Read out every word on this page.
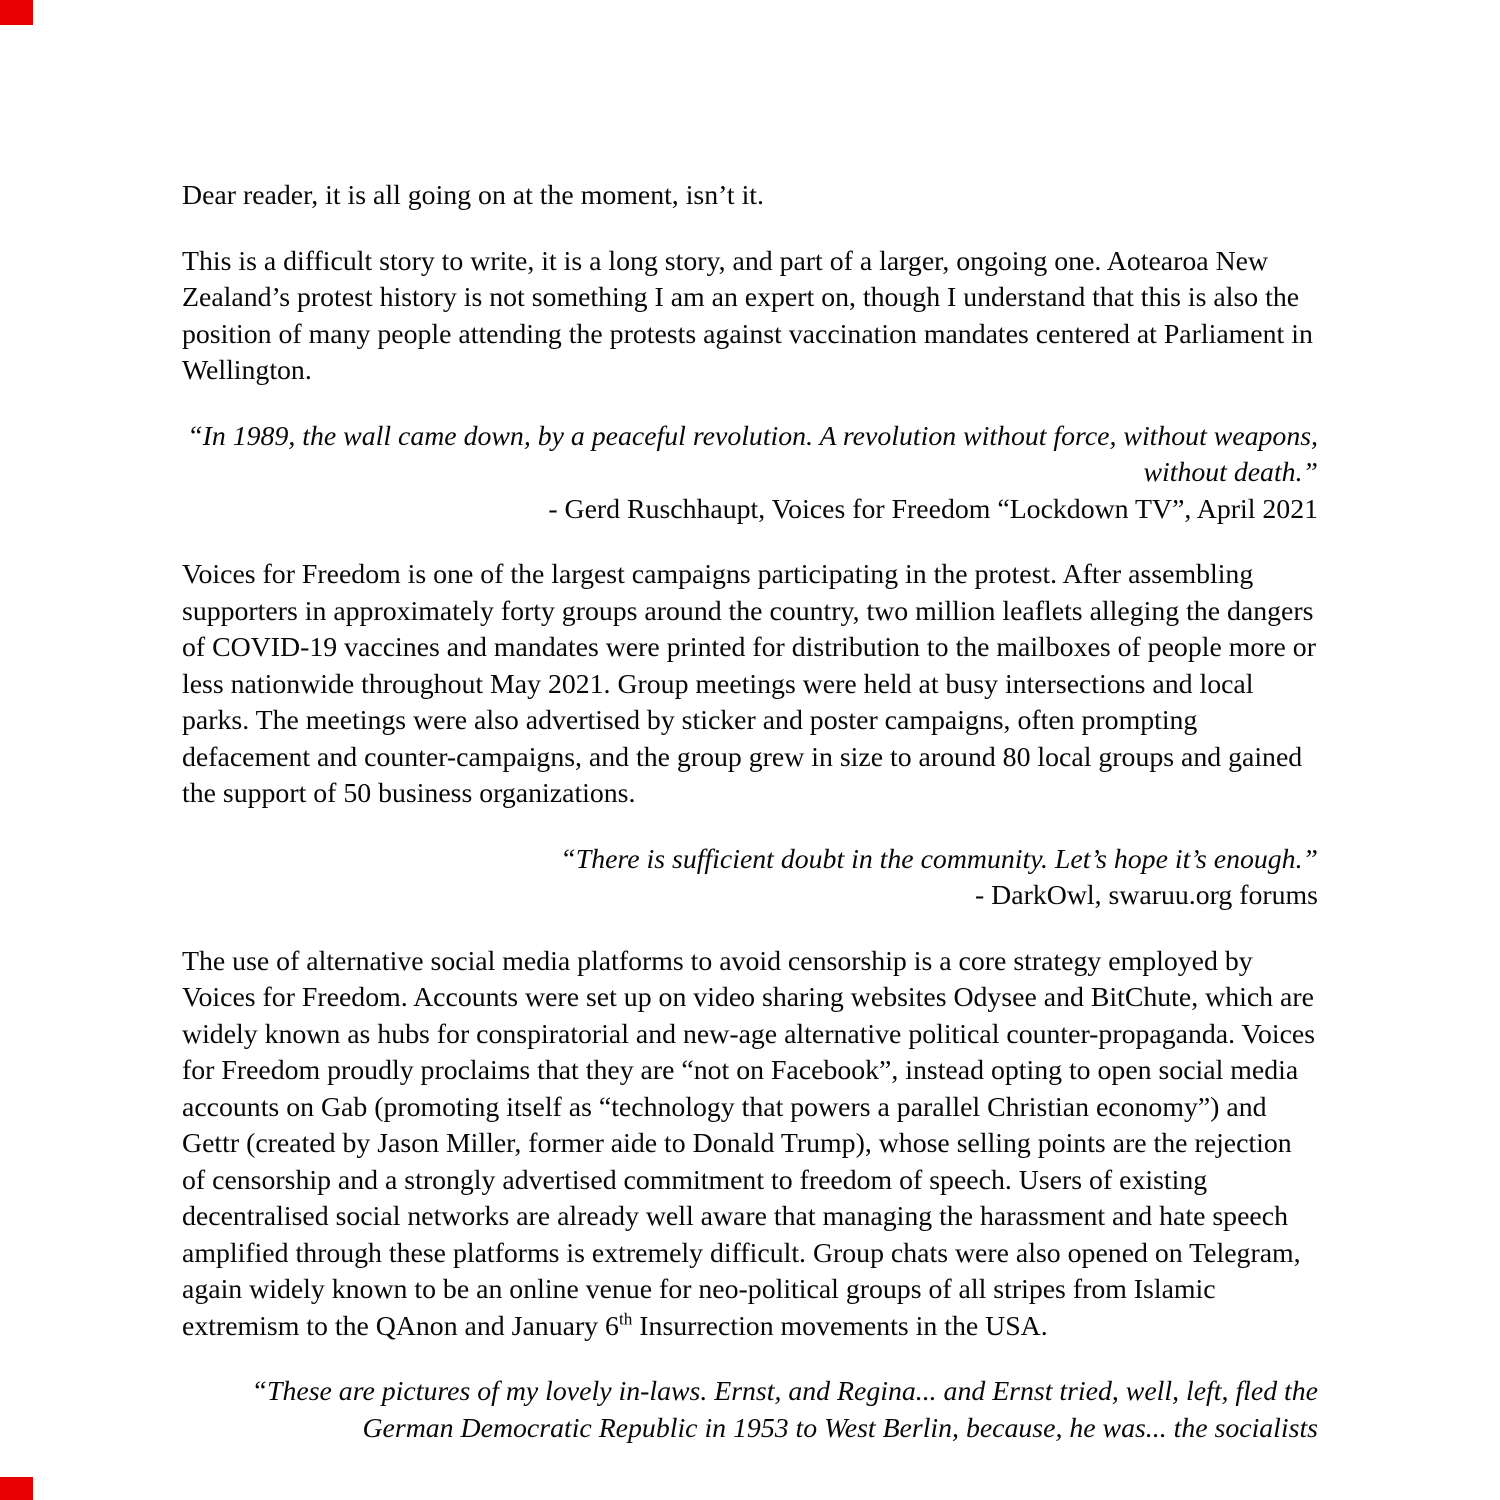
Dear reader, it is all going on at the moment, isn’t it.

This is a difficult story to write, it is a long story, and part of a larger, ongoing one. Aotearoa New Zealand’s protest history is not something I am an expert on, though I understand that this is also the position of many people attending the protests against vaccination mandates centered at Parliament in Wellington.

“In 1989, the wall came down, by a peaceful revolution. A revolution without force, without weapons, without death.”

- Gerd Ruschhaupt, Voices for Freedom “Lockdown TV”, April 2021

Voices for Freedom is one of the largest campaigns participating in the protest. After assembling supporters in approximately forty groups around the country, two million leaflets alleging the dangers of COVID-19 vaccines and mandates were printed for distribution to the mailboxes of people more or less nationwide throughout May 2021. Group meetings were held at busy intersections and local parks. The meetings were also advertised by sticker and poster campaigns, often prompting defacement and counter-campaigns, and the group grew in size to around 80 local groups and gained the support of 50 business organizations.

“There is sufficient doubt in the community. Let’s hope it’s enough.”

- DarkOwl, swaruu.org forums

The use of alternative social media platforms to avoid censorship is a core strategy employed by Voices for Freedom. Accounts were set up on video sharing websites Odysee and BitChute, which are widely known as hubs for conspiratorial and new-age alternative political counter-propaganda. Voices for Freedom proudly proclaims that they are “not on Facebook”, instead opting to open social media accounts on Gab (promoting itself as “technology that powers a parallel Christian economy”) and Gettr (created by Jason Miller, former aide to Donald Trump), whose selling points are the rejection of censorship and a strongly advertised commitment to freedom of speech. Users of existing decentralised social networks are already well aware that managing the harassment and hate speech amplified through these platforms is extremely difficult. Group chats were also opened on Telegram, again widely known to be an online venue for neo-political groups of all stripes from Islamic extremism to the QAnon and January 6th Insurrection movements in the USA.

“These are pictures of my lovely in-laws. Ernst, and Regina... and Ernst tried, well, left, fled the German Democratic Republic in 1953 to West Berlin, because, he was... the socialists
